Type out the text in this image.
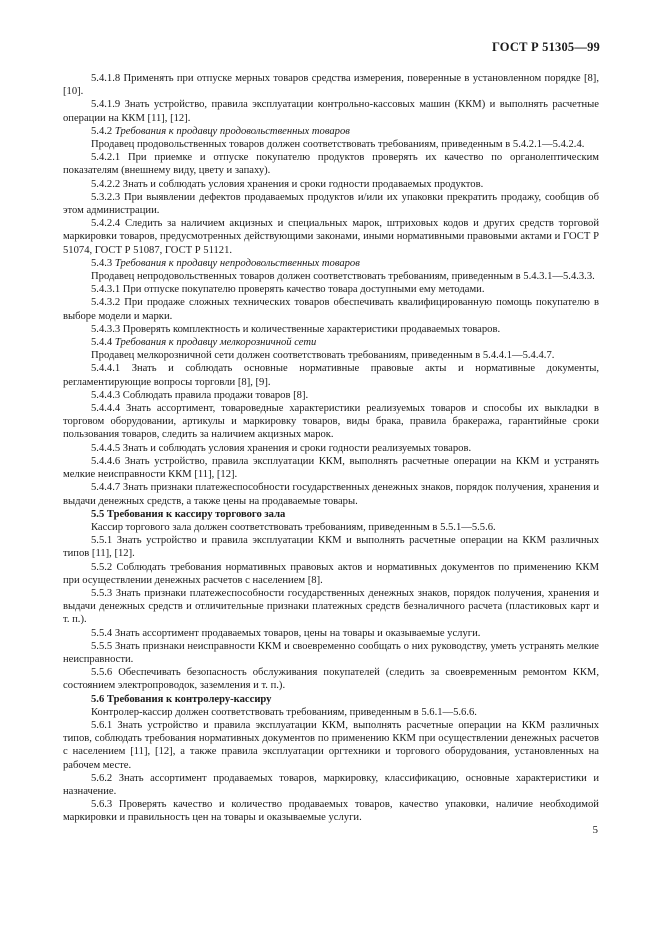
ГОСТ Р 51305—99

5.4.1.8 Применять при отпуске мерных товаров средства измерения, поверенные в установленном порядке [8], [10].

5.4.1.9 Знать устройство, правила эксплуатации контрольно-кассовых машин (ККМ) и выполнять расчетные операции на ККМ [11], [12].

5.4.2 Требования к продавцу продовольственных товаров

Продавец продовольственных товаров должен соответствовать требованиям, приведенным в 5.4.2.1—5.4.2.4.

5.4.2.1 При приемке и отпуске покупателю продуктов проверять их качество по органолептическим показателям (внешнему виду, цвету и запаху).

5.4.2.2 Знать и соблюдать условия хранения и сроки годности продаваемых продуктов.

5.3.2.3 При выявлении дефектов продаваемых продуктов и/или их упаковки прекратить продажу, сообщив об этом администрации.

5.4.2.4 Следить за наличием акцизных и специальных марок, штриховых кодов и других средств торговой маркировки товаров, предусмотренных действующими законами, иными нормативными правовыми актами и ГОСТ Р 51074, ГОСТ Р 51087, ГОСТ Р 51121.

5.4.3 Требования к продавцу непродовольственных товаров

Продавец непродовольственных товаров должен соответствовать требованиям, приведенным в 5.4.3.1—5.4.3.3.

5.4.3.1 При отпуске покупателю проверять качество товара доступными ему методами.

5.4.3.2 При продаже сложных технических товаров обеспечивать квалифицированную помощь покупателю в выборе модели и марки.

5.4.3.3 Проверять комплектность и количественные характеристики продаваемых товаров.

5.4.4 Требования к продавцу мелкорозничной сети

Продавец мелкорозничной сети должен соответствовать требованиям, приведенным в 5.4.4.1—5.4.4.7.

5.4.4.1 Знать и соблюдать основные нормативные правовые акты и нормативные документы, регламентирующие вопросы торговли [8], [9].

5.4.4.3 Соблюдать правила продажи товаров [8].

5.4.4.4 Знать ассортимент, товароведные характеристики реализуемых товаров и способы их выкладки в торговом оборудовании, артикулы и маркировку товаров, виды брака, правила бракеража, гарантийные сроки пользования товаров, следить за наличием акцизных марок.

5.4.4.5 Знать и соблюдать условия хранения и сроки годности реализуемых товаров.

5.4.4.6 Знать устройство, правила эксплуатации ККМ, выполнять расчетные операции на ККМ и устранять мелкие неисправности ККМ [11], [12].

5.4.4.7 Знать признаки платежеспособности государственных денежных знаков, порядок получения, хранения и выдачи денежных средств, а также цены на продаваемые товары.

5.5 Требования к кассиру торгового зала

Кассир торгового зала должен соответствовать требованиям, приведенным в 5.5.1—5.5.6.

5.5.1 Знать устройство и правила эксплуатации ККМ и выполнять расчетные операции на ККМ различных типов [11], [12].

5.5.2 Соблюдать требования нормативных правовых актов и нормативных документов по применению ККМ при осуществлении денежных расчетов с населением [8].

5.5.3 Знать признаки платежеспособности государственных денежных знаков, порядок получения, хранения и выдачи денежных средств и отличительные признаки платежных средств безналичного расчета (пластиковых карт и т. п.).

5.5.4 Знать ассортимент продаваемых товаров, цены на товары и оказываемые услуги.

5.5.5 Знать признаки неисправности ККМ и своевременно сообщать о них руководству, уметь устранять мелкие неисправности.

5.5.6 Обеспечивать безопасность обслуживания покупателей (следить за своевременным ремонтом ККМ, состоянием электропроводок, заземления и т. п.).

5.6 Требования к контролеру-кассиру

Контролер-кассир должен соответствовать требованиям, приведенным в 5.6.1—5.6.6.

5.6.1 Знать устройство и правила эксплуатации ККМ, выполнять расчетные операции на ККМ различных типов, соблюдать требования нормативных документов по применению ККМ при осуществлении денежных расчетов с населением [11], [12], а также правила эксплуатации оргтехники и торгового оборудования, установленных на рабочем месте.

5.6.2 Знать ассортимент продаваемых товаров, маркировку, классификацию, основные характеристики и назначение.

5.6.3 Проверять качество и количество продаваемых товаров, качество упаковки, наличие необходимой маркировки и правильность цен на товары и оказываемые услуги.

5
